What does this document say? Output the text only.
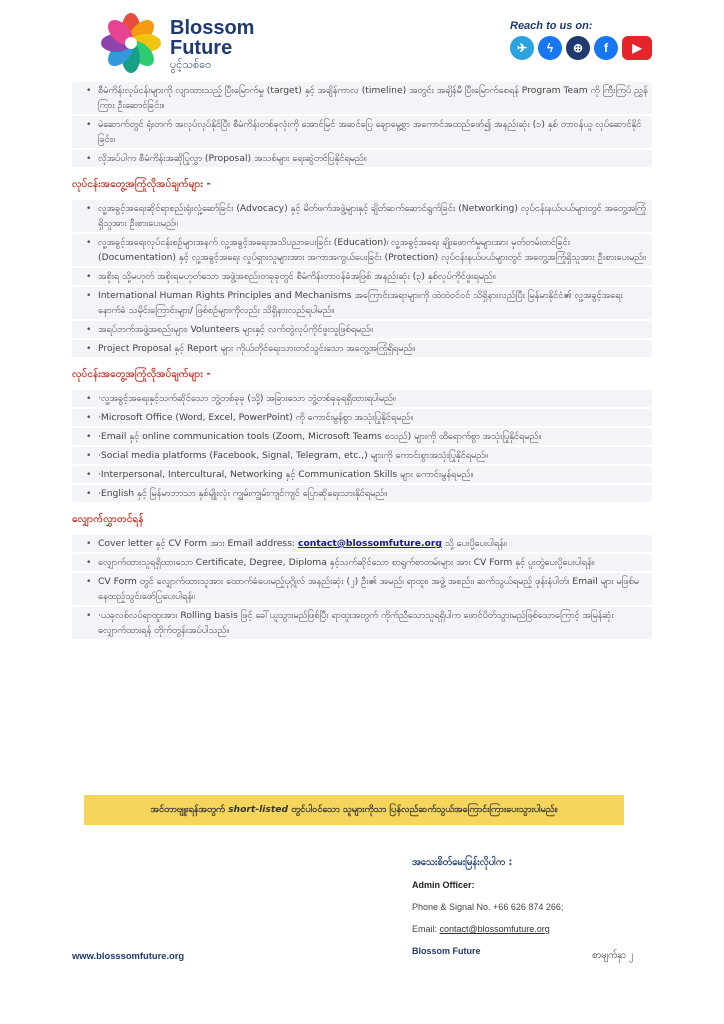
Blossom
Future
ပွင့်သစ်ဝေ
Reach to us on:
✈	ϟ	⊕	f	▶
• စီမံကိန်းလုပ်ငန်းများကို လျာထားသည့် ပြီးမြောက်မှု (target) နှင့် အချိန်ကာလ (timeline) အတွင်း အချိန်မီ ပြီးမြောက်စေရန် Program Team ကို ကြီးကြပ် ညွှန်ကြား ဦးဆောင်ခြင်း။
• မဲဆောက်တွင် ရုံးတက် အလုပ်လုပ်နိုင်ပြီး စီမံကိန်းတစ်ခုလုံးကို အောင်မြင် အဆင်ပြေ ချောမွေ့စွာ အကောင်အထည်ဖော်၍ အနည်းဆုံး (၁) နှစ် တာဝန်ယူ လုပ်ဆောင်နိုင်ခြင်း။
• လိုအပ်ပါက စီမံကိန်းအဆိုပြုလွှာ (Proposal) အသစ်များ ရေးဆွဲတင်ပြနိုင်ရမည်။
လုပ်ငန်းအတွေ့အကြုံလိုအပ်ချက်များ -
• လူ့အခွင့်အရေးဆိုင်ရာစည်းရုံးလှုံ့ဆော်ခြင်း (Advocacy) နှင့် မိတ်ဖက်အဖွဲ့များနှင့် ချိတ်ဆက်ဆောင်ရွက်ခြင်း (Networking) လုပ်ငန်းနယ်ပယ်များတွင် အတွေ့အကြုံရှိသူအား ဦးစားပေးမည်။
• လူ့အခွင့်အရေးလုပ်ငန်းစဉ်များအနက် လူ့အခွင့်အရေးအသိပညာပေးခြင်း (Education)၊ လူ့အခွင့်အရေး ချိုးဖောက်မှုများအား မှတ်တမ်းတင်ခြင်း (Documentation) နှင့် လူ့အခွင့်အရေး လှုပ်ရှားသူများအား အကာအကွယ်ပေးခြင်း (Protection) လုပ်ငန်းနယ်ပယ်များတွင် အတွေ့အကြုံရှိသူအား ဦးစားပေးမည်။
• အစိုးရ သို့မဟုတ် အစိုးရမဟုတ်သော အဖွဲ့အစည်းတခုခုတွင် စီမံကိန်းတာဝန်ခံအဖြစ် အနည်းဆုံး (၃) နှစ်လုပ်ကိုင်ဖူးရမည်။
• International Human Rights Principles and Mechanisms အကြောင်းအရာများကို ထဲထဲဝင်ဝင် သိရှိနားလည်ပြီး မြန်မာနိုင်ငံ၏ လူ့အခွင့်အရေးနောက်ခံ သမိုင်းကြောင်းများ/ ဖြစ်စဉ်များကိုလည်း သိရှိနားလည်ရပါမည်။
• အရပ်ဘက်အဖွဲ့အစည်းများ၊ Volunteers များနှင့် လက်တွဲလုပ်ကိုင်ဖူးသူဖြစ်ရမည်။
• Project Proposal နှင့် Report များ ကိုယ်တိုင်ရေးသားတင်သွင်းသော အတွေ့အကြုံရှိရမည်။
လုပ်ငန်းအတွေ့အကြုံလိုအပ်ချက်များ -
• ·လူ့အခွင့်အရေးနှင့်သက်ဆိုင်သော ဘွဲ့တစ်ခုခု (သို့) အခြားသော ဘွဲ့တစ်ခုခုရရှိထားရပါမည်။
• ·Microsoft Office (Word, Excel, PowerPoint) ကို ကောင်းမွန်စွာ အသုံးပြုနိုင်ရမည်။
• ·Email နှင့် online communication tools (Zoom, Microsoft Teams စသည်) များကို ထိရောက်စွာ အသုံးပြုနိုင်ရမည်။
• ·Social media platforms (Facebook, Signal, Telegram, etc.,) များကို ကောင်းစွာအသုံးပြုနိုင်ရမည်။
• ·Interpersonal, Intercultural, Networking နှင့် Communication Skills များ ကောင်းမွန်ရမည်။
• ·English နှင့် မြန်မာဘာသာ နှစ်မျိုးလုံး ကျွမ်းကျွမ်းကျင်ကျင် ပြောဆိုရေးသားနိုင်ရမည်။
လျှောက်လွှာတင်ရန်
• Cover letter နှင့် CV Form အား Email address: contact@blossomfuture.org သို့ ပေးပို့ပေးပါရန်။
• လျှောက်ထားသူရရှိထားသော Certificate, Degree, Diploma နှင့်သက်ဆိုင်သော စာရွက်စာတမ်းများ အား CV Form နှင့် ပူးတွဲပေးပို့ပေးပါရန်။
• CV Form တွင် လျှောက်ထားသူအား ထောက်ခံပေးမည့်ပုဂ္ဂိုလ် အနည်းဆုံး (၂) ဦး၏ အမည်၊ ရာထူး၊ အဖွဲ့ အစည်း၊ ဆက်သွယ်ရမည့် ဖုန်းနံပါတ်၊ Email များ မဖြစ်မနေထည့်သွင်းဖော်ပြပေးပါရန်။
• ·ယခုလစ်လပ်ရာထူးအား Rolling basis ဖြင့် ခေါ်ယူသွားမည်ဖြစ်ပြီး ရာထူးအတွက် ကိုက်ညီသောသူရရှိပါက ဖောင်ပိတ်သွားမည်ဖြစ်သောကြောင့် အမြန်ဆုံးလျှောက်ထားရန် တိုက်တွန်းအပ်ပါသည်။
အင်တာဗျူးရန်အတွက် short-listed တွင်ပါဝင်သော သူများကိုသာ ပြန်လည်ဆက်သွယ်အကြောင်းကြားပေးသွားပါမည်။
အသေးစိတ်မေးမြန်းလိုပါက :
Admin Officer:
Phone & Signal No. +66 626 874 266;
Email: contact@blossomfuture.org
Blossom Future
www.blosssomfuture.org	စာမျက်နှာ ၂
